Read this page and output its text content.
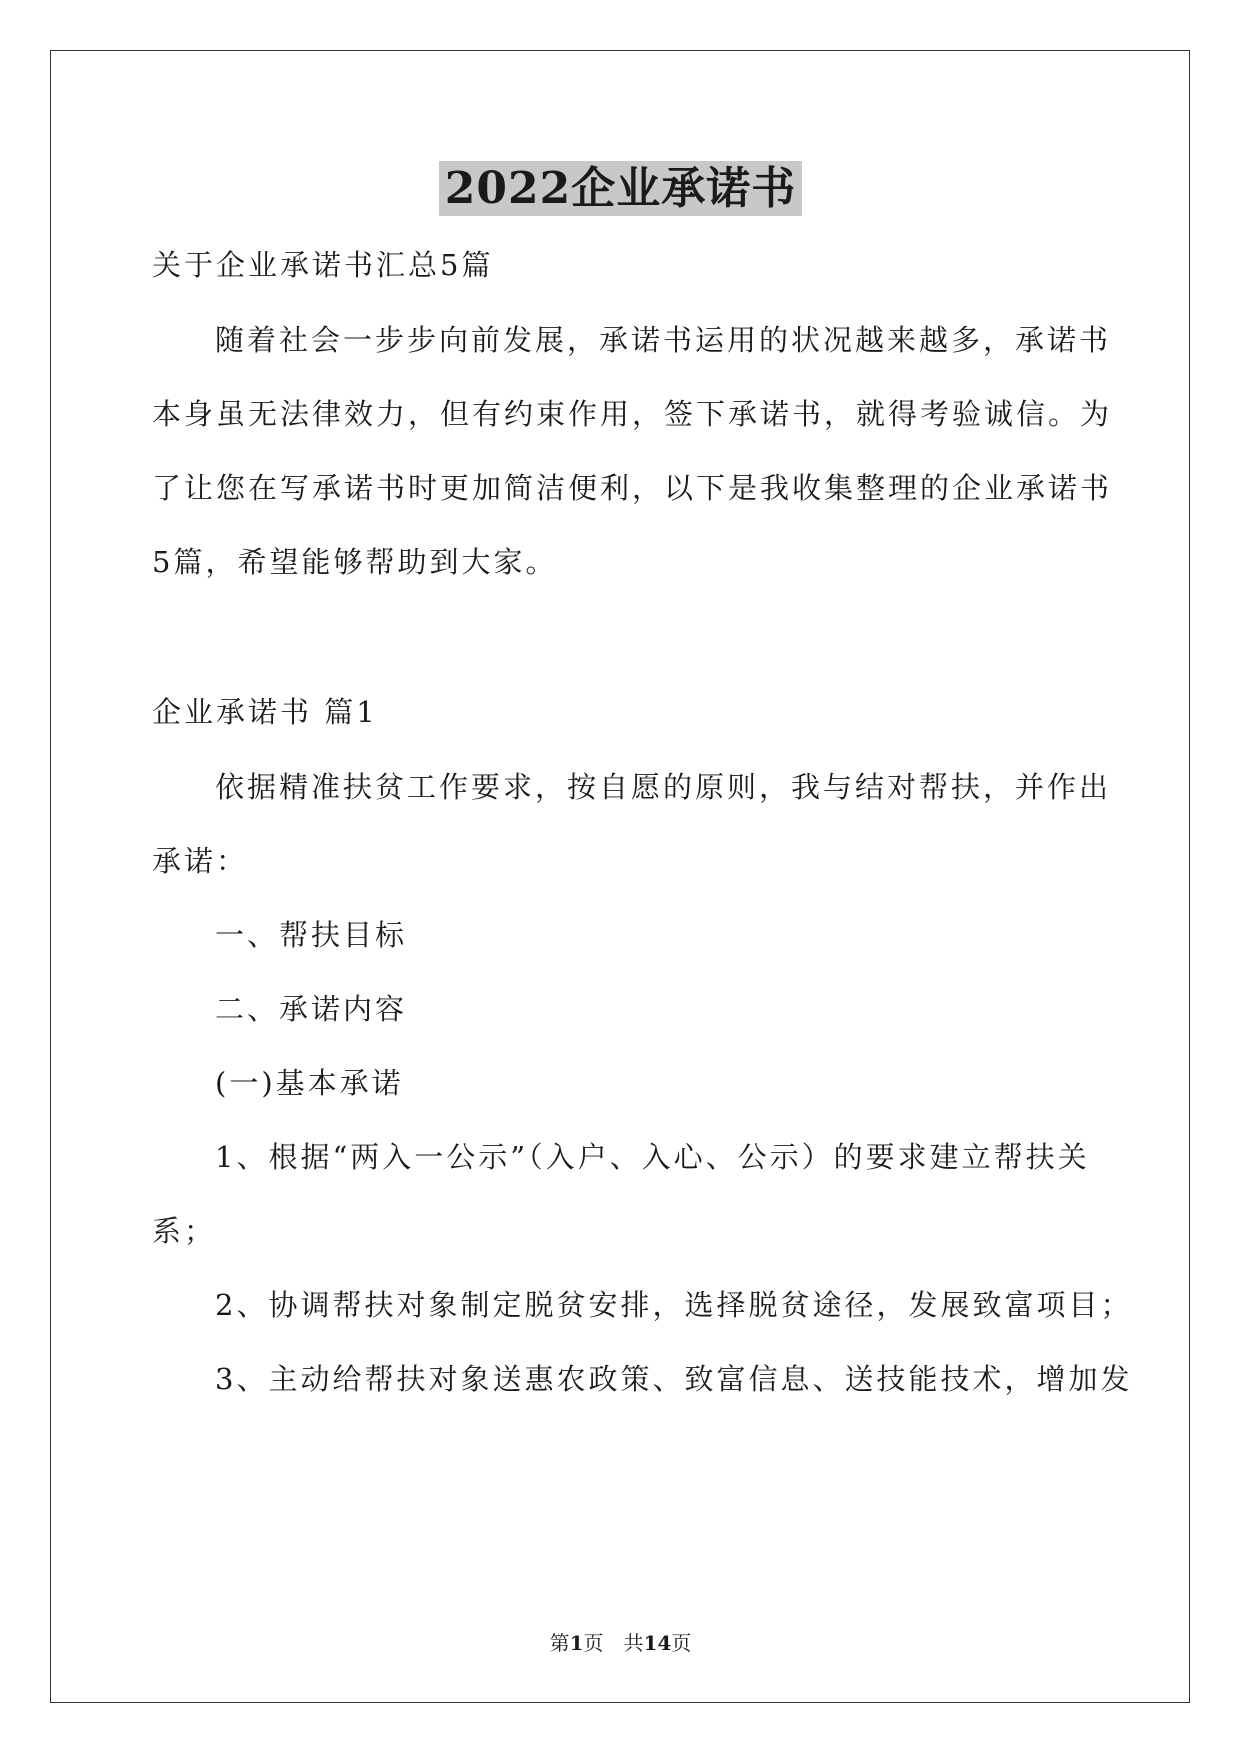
2022企业承诺书
关于企业承诺书汇总5篇
随着社会一步步向前发展，承诺书运用的状况越来越多，承诺书
本身虽无法律效力，但有约束作用，签下承诺书，就得考验诚信。为
了让您在写承诺书时更加简洁便利，以下是我收集整理的企业承诺书
5篇，希望能够帮助到大家。
企业承诺书 篇1
依据精准扶贫工作要求，按自愿的原则，我与结对帮扶，并作出
承诺：
一、帮扶目标
二、承诺内容
(一)基本承诺
1、根据“两入一公示”（入户、入心、公示）的要求建立帮扶关
系；
2、协调帮扶对象制定脱贫安排，选择脱贫途径，发展致富项目；
3、主动给帮扶对象送惠农政策、致富信息、送技能技术，增加发
第1页　共14页
